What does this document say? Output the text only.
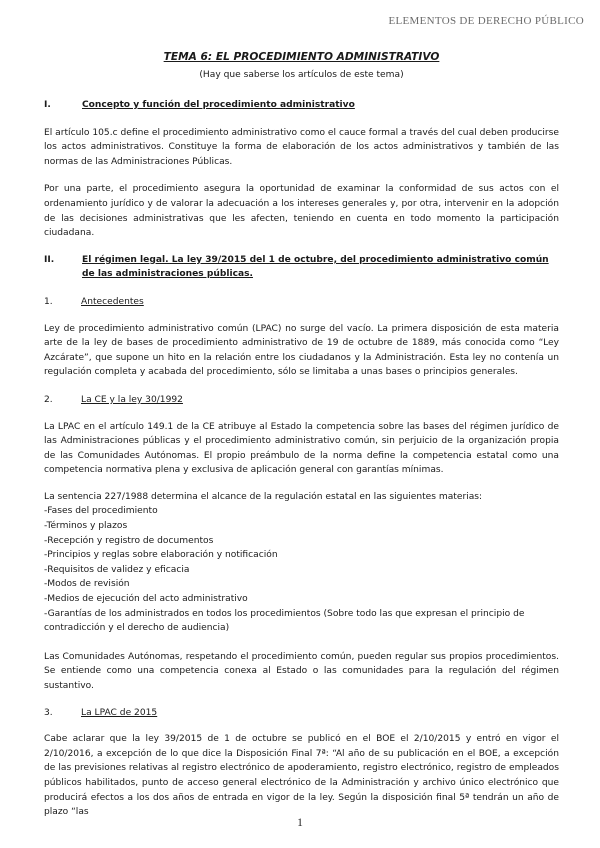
ELEMENTOS DE DERECHO PÚBLICO
TEMA 6: EL PROCEDIMIENTO ADMINISTRATIVO
(Hay que saberse los artículos de este tema)
I.	Concepto y función del procedimiento administrativo

El artículo 105.c define el procedimiento administrativo como el cauce formal a través del cual deben producirse los actos administrativos. Constituye la forma de elaboración de los actos administrativos y también de las normas de las Administraciones Públicas.

Por una parte, el procedimiento asegura la oportunidad de examinar la conformidad de sus actos con el ordenamiento jurídico y de valorar la adecuación a los intereses generales y, por otra, intervenir en la adopción de las decisiones administrativas que les afecten, teniendo en cuenta en todo momento la participación ciudadana.

II.	El régimen legal. La ley 39/2015 del 1 de octubre, del procedimiento administrativo común de las administraciones públicas.
1.	Antecedentes

Ley de procedimiento administrativo común (LPAC) no surge del vacío. La primera disposición de esta materia arte de la ley de bases de procedimiento administrativo de 19 de octubre de 1889, más conocida como “Ley Azcárate”, que supone un hito en la relación entre los ciudadanos y la Administración. Esta ley no contenía un regulación completa y acabada del procedimiento, sólo se limitaba a unas bases o principios generales.

2.	La CE y la ley 30/1992

La LPAC en el artículo 149.1 de la CE atribuye al Estado la competencia sobre las bases del régimen jurídico de las Administraciones públicas y el procedimiento administrativo común, sin perjuicio de la organización propia de las Comunidades Autónomas. El propio preámbulo de la norma define la competencia estatal como una competencia normativa plena y exclusiva de aplicación general con garantías mínimas.

La sentencia 227/1988 determina el alcance de la regulación estatal en las siguientes materias:

-Fases del procedimiento

-Términos y plazos

-Recepción y registro de documentos

-Principios y reglas sobre elaboración y notificación

-Requisitos de validez y eficacia

-Modos de revisión

-Medios de ejecución del acto administrativo

-Garantías de los administrados en todos los procedimientos (Sobre todo las que expresan el principio de contradicción y el derecho de audiencia)

Las Comunidades Autónomas, respetando el procedimiento común, pueden regular sus propios procedimientos. Se entiende como una competencia conexa al Estado o las comunidades para la regulación del régimen sustantivo.

3.	La LPAC de 2015

Cabe aclarar que la ley 39/2015 de 1 de octubre se publicó en el BOE el 2/10/2015 y entró en vigor el 2/10/2016, a excepción de lo que dice la Disposición Final 7ª: “Al año de su publicación en el BOE, a excepción de las previsiones relativas al registro electrónico de apoderamiento, registro electrónico, registro de empleados públicos habilitados, punto de acceso general electrónico de la Administración y archivo único electrónico que producirá efectos a los dos años de entrada en vigor de la ley. Según la disposición final 5ª tendrán un año de plazo “las

1
